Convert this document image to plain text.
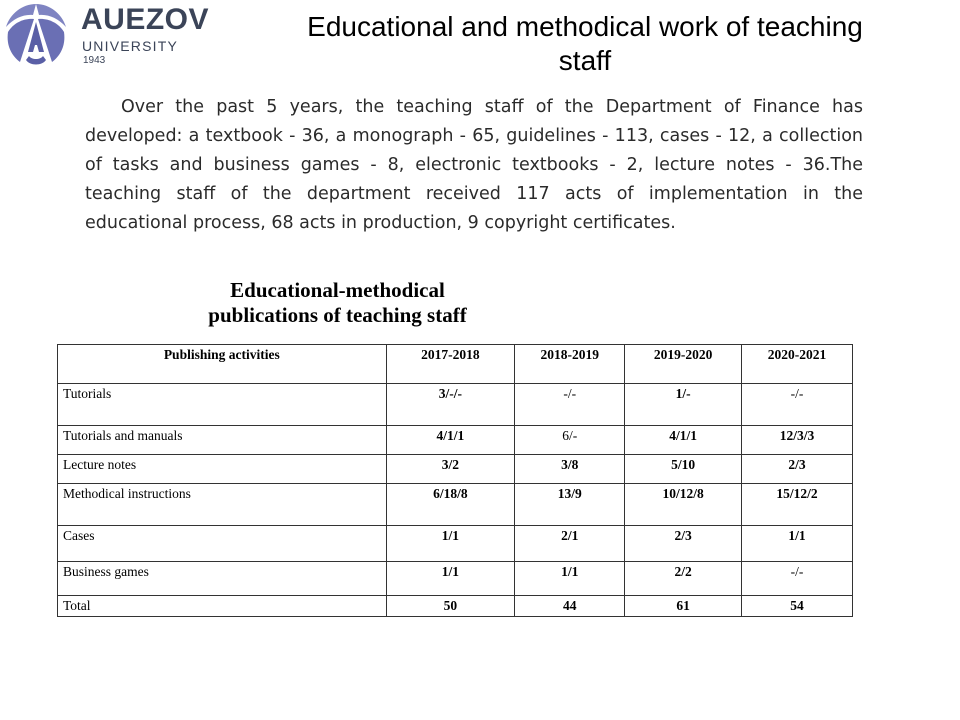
AUEZOV
UNIVERSITY
1943
Educational and methodical work of teaching staff

Over the past 5 years, the teaching staff of the Department of Finance has developed: a textbook - 36, a monograph - 65, guidelines - 113, cases - 12, a collection of tasks and business games - 8, electronic textbooks - 2, lecture notes - 36.The teaching staff of the department received 117 acts of implementation in the educational process, 68 acts in production, 9 copyright certificates.

Educational-methodical publications of teaching staff
Publishing activities	2017-2018	2018-2019	2019-2020	2020-2021
Tutorials	3/-/-	-/-	1/-	-/-
Tutorials and manuals	4/1/1	6/-	4/1/1	12/3/3
Lecture notes	3/2	3/8	5/10	2/3
Methodical instructions	6/18/8	13/9	10/12/8	15/12/2
Cases	1/1	2/1	2/3	1/1
Business games	1/1	1/1	2/2	-/-
Total	50	44	61	54
